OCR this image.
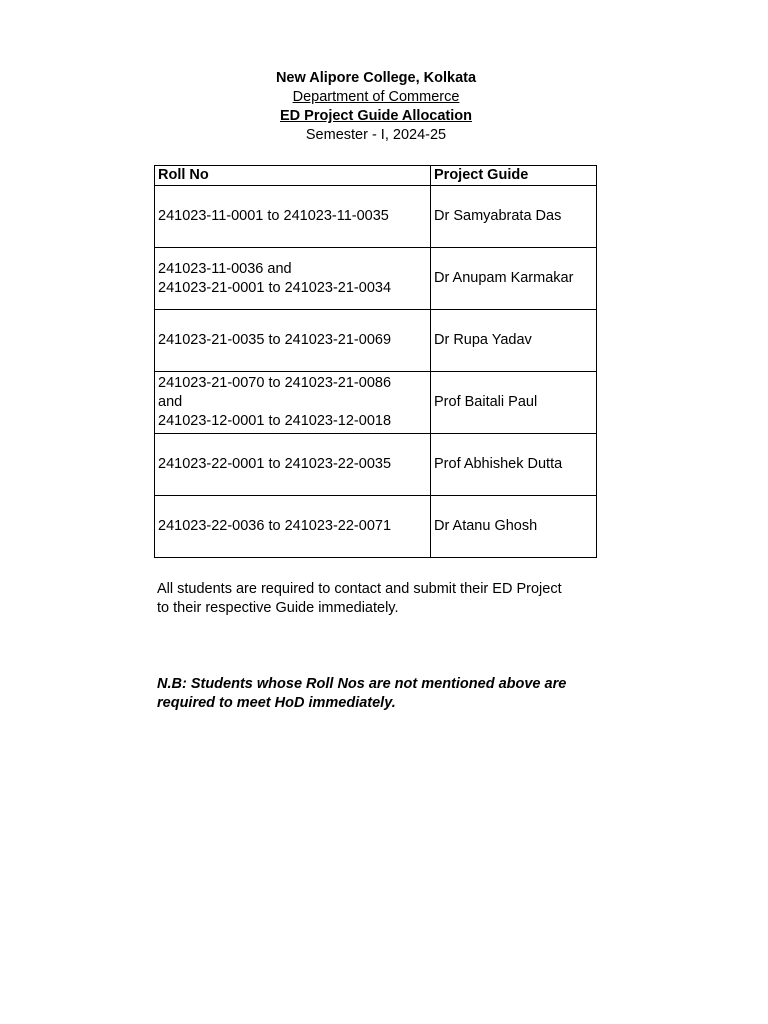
New Alipore College, Kolkata
Department of Commerce
ED Project Guide Allocation
Semester - I, 2024-25
Roll No	Project Guide

241023-11-0001 to 241023-11-0035	Dr Samyabrata Das

241023-11-0036 and
241023-21-0001 to 241023-21-0034	Dr Anupam Karmakar

241023-21-0035 to 241023-21-0069	Dr Rupa Yadav

241023-21-0070 to 241023-21-0086
and
241023-12-0001 to 241023-12-0018	Prof Baitali Paul

241023-22-0001 to 241023-22-0035	Prof Abhishek Dutta

241023-22-0036 to 241023-22-0071	Dr Atanu Ghosh
All students are required to contact and submit their ED Project
to their respective Guide immediately.
N.B: Students whose Roll Nos are not mentioned above are
required to meet HoD immediately.
